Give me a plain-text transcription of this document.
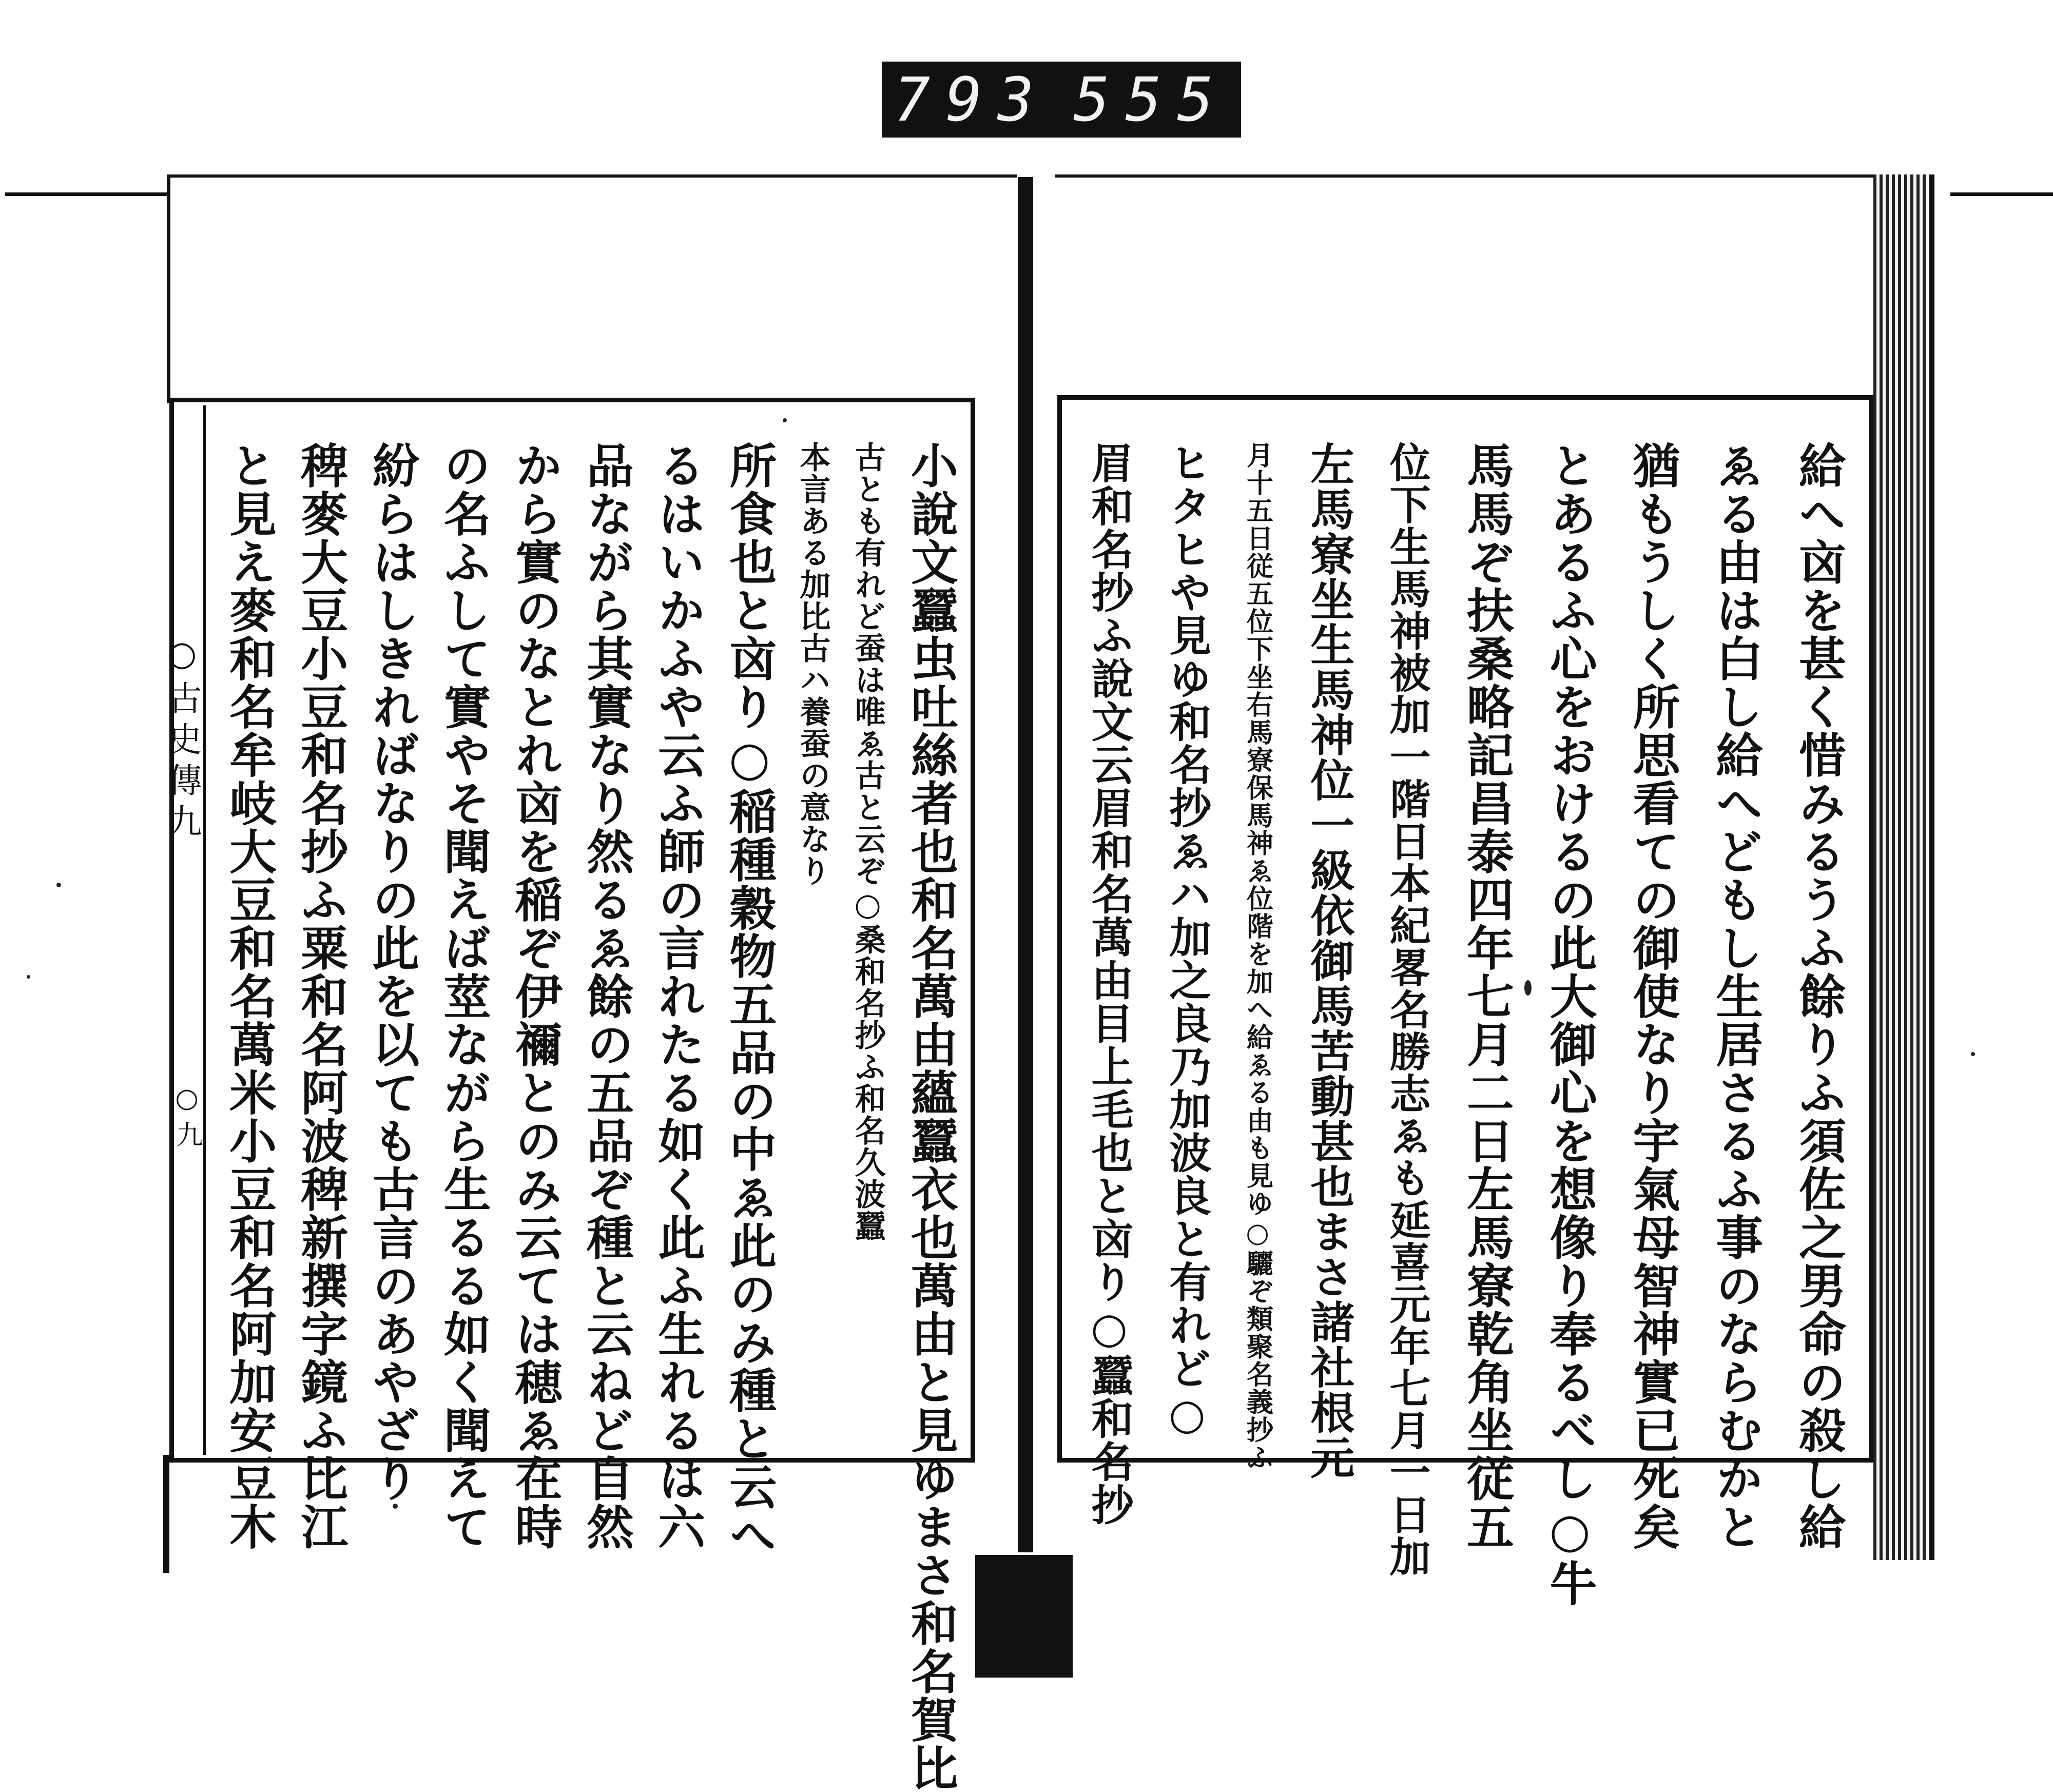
793 555
○古史傳九
○九	小說文蠶虫吐絲者也和名萬由蘊蠶衣也萬由と見ゆまさ和名賀比
古とも有れど蚕は唯ゑ古と云ぞ○桑和名抄ふ和名久波蠶
本言ある加比古ハ養蚕の意なり
所食也と㐫り○稲種穀物五品の中ゑ此のみ種と云へ
るはいかふや云ふ師の言れたる如く此ふ生れるは六
品ながら其實なり然るゑ餘の五品ぞ種と云ねど自然
から實のなとれ㐫を稲ぞ伊禰とのみ云ては穂ゑ在時
の名ふして實やそ聞えば莖ながら生るる如く聞えて
紛らはしきればなりの此を以ても古言のあやざり
稗麥大豆小豆和名抄ふ粟和名阿波稗新撰字鏡ふ比江
と見え麥和名牟岐大豆和名萬米小豆和名阿加安豆木	給へ㐫を甚く惜みるうふ餘りふ須佐之男命の殺し給
ゑる由は白し給へどもし生居さるふ事のならむかと
猶もうしく所思看ての御使なり宇氣母智神實已死矣
とあるふ心をおけるの此大御心を想像り奉るべし○牛
馬馬ぞ扶桑略記昌泰四年七月二日左馬寮乾角坐従五
位下生馬神被加一階日本紀畧名勝志ゑも延喜元年七月一日加
左馬寮坐生馬神位一級依御馬苦動甚也まさ諸社根元
月十五日従五位下坐右馬寮保馬神ゑ位階を加へ給ゑる由も見ゆ○驪ぞ類聚名義抄ふ
ヒタヒや見ゆ和名抄ゑハ加之良乃加波良と有れど○
眉和名抄ふ說文云眉和名萬由目上毛也と㐫り○蠶和名抄
